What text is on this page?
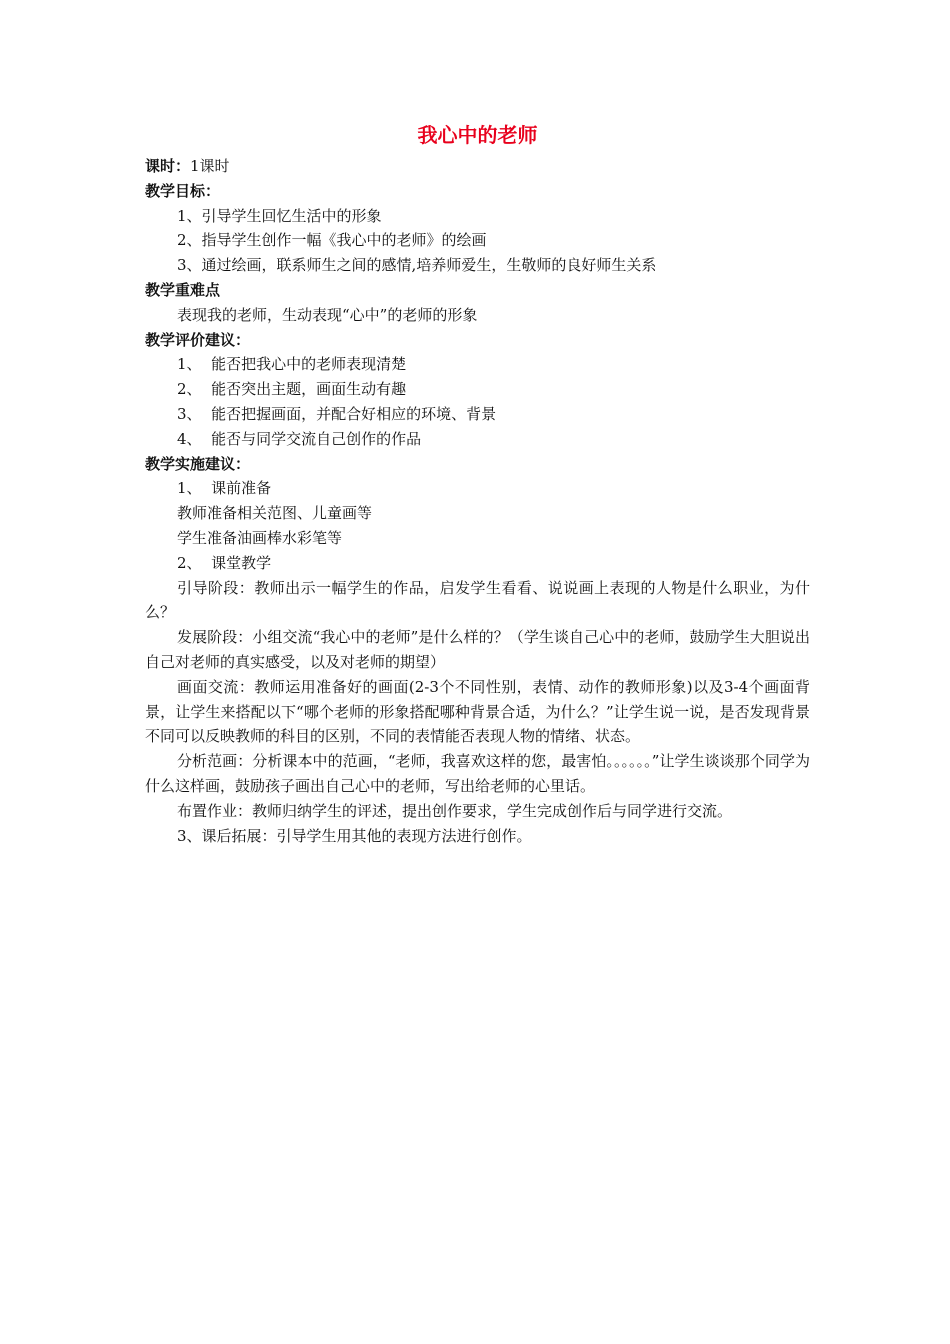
我心中的老师
课时：1课时
教学目标：
1、引导学生回忆生活中的形象
2、指导学生创作一幅《我心中的老师》的绘画
3、通过绘画，联系师生之间的感情,培养师爱生，生敬师的良好师生关系
教学重难点
表现我的老师，生动表现“心中”的老师的形象
教学评价建议：
1、  能否把我心中的老师表现清楚
2、  能否突出主题，画面生动有趣
3、  能否把握画面，并配合好相应的环境、背景
4、  能否与同学交流自己创作的作品
教学实施建议：
1、  课前准备
教师准备相关范图、儿童画等
学生准备油画棒水彩笔等
2、  课堂教学
引导阶段：教师出示一幅学生的作品，启发学生看看、说说画上表现的人物是什么职业，为什么？
发展阶段：小组交流“我心中的老师”是什么样的？（学生谈自己心中的老师，鼓励学生大胆说出自己对老师的真实感受，以及对老师的期望）
画面交流：教师运用准备好的画面(2-3个不同性别，表情、动作的教师形象)以及3-4个画面背景，让学生来搭配以下“哪个老师的形象搭配哪种背景合适，为什么？”让学生说一说，是否发现背景不同可以反映教师的科目的区别，不同的表情能否表现人物的情绪、状态。
分析范画：分析课本中的范画，“老师，我喜欢这样的您，最害怕。。。。。。”让学生谈谈那个同学为什么这样画，鼓励孩子画出自己心中的老师，写出给老师的心里话。
布置作业：教师归纳学生的评述，提出创作要求，学生完成创作后与同学进行交流。
3、课后拓展：引导学生用其他的表现方法进行创作。
